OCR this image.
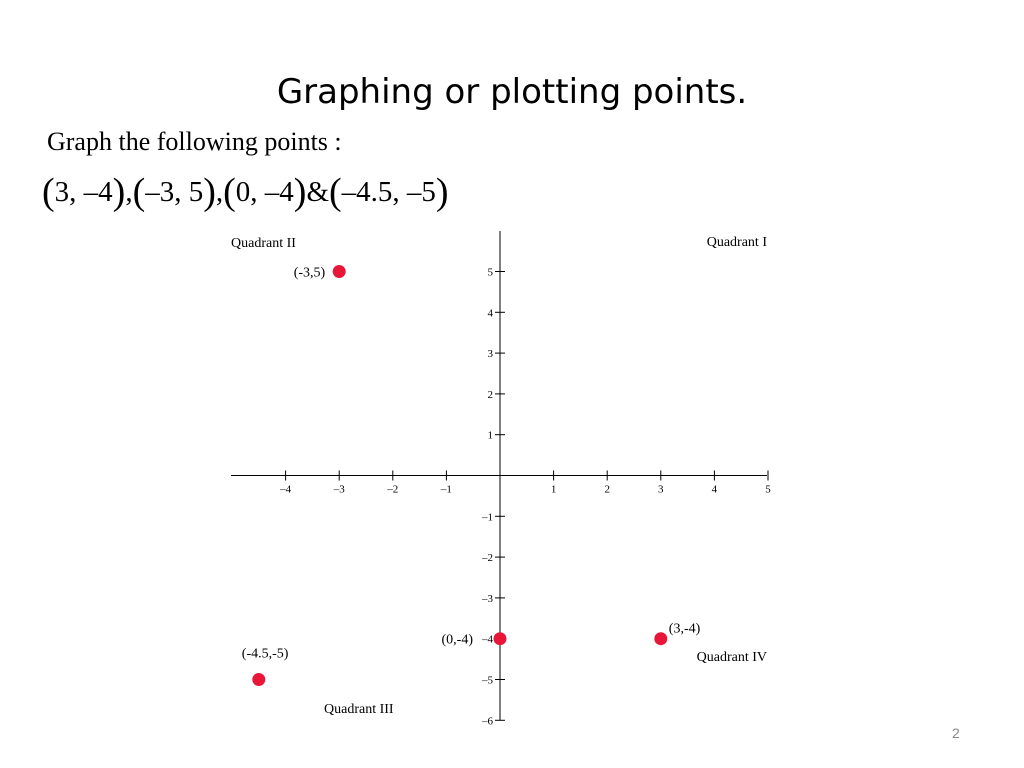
Graphing or plotting points.
Graph the following points :
(3, –4),(–3, 5),(0, –4)&(–4.5, –5)
–4	–3	–2	–1	1	2	3	4	5
5
4
3
2
1
–1
–2
–3
–4
–5
–6
(3,-4)
(-3,5)
(0,-4)
(-4.5,-5)
Quadrant I
Quadrant II
Quadrant III
Quadrant IV
2
